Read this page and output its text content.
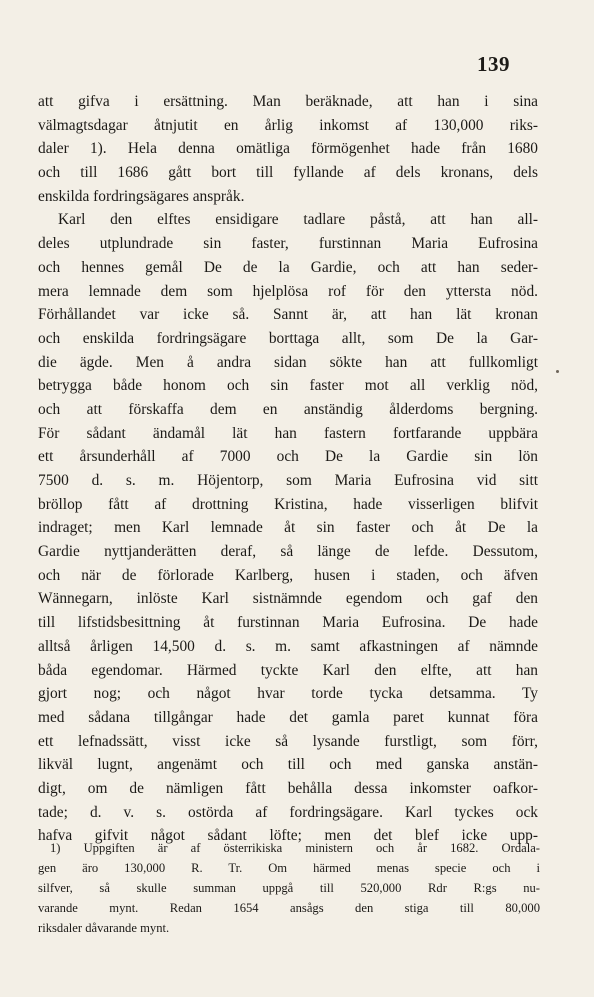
139
att gifva i ersättning. Man beräknade, att han i sina
välmagtsdagar åtnjutit en årlig inkomst af 130,000 riks-
daler 1). Hela denna omätliga förmögenhet hade från 1680
och till 1686 gått bort till fyllande af dels kronans, dels
enskilda fordringsägares anspråk.
Karl den elftes ensidigare tadlare påstå, att han all-
deles utplundrade sin faster, furstinnan Maria Eufrosina
och hennes gemål De de la Gardie, och att han seder-
mera lemnade dem som hjelplösa rof för den yttersta nöd.
Förhållandet var icke så. Sannt är, att han lät kronan
och enskilda fordringsägare borttaga allt, som De la Gar-
die ägde. Men å andra sidan sökte han att fullkomligt
betrygga både honom och sin faster mot all verklig nöd,
och att förskaffa dem en anständig ålderdoms bergning.
För sådant ändamål lät han fastern fortfarande uppbära
ett årsunderhåll af 7000 och De la Gardie sin lön
7500 d. s. m. Höjentorp, som Maria Eufrosina vid sitt
bröllop fått af drottning Kristina, hade visserligen blifvit
indraget; men Karl lemnade åt sin faster och åt De la
Gardie nyttjanderätten deraf, så länge de lefde. Dessutom,
och när de förlorade Karlberg, husen i staden, och äfven
Wännegarn, inlöste Karl sistnämnde egendom och gaf den
till lifstidsbesittning åt furstinnan Maria Eufrosina. De hade
alltså årligen 14,500 d. s. m. samt afkastningen af nämnde
båda egendomar. Härmed tyckte Karl den elfte, att han
gjort nog; och något hvar torde tycka detsamma. Ty
med sådana tillgångar hade det gamla paret kunnat föra
ett lefnadssätt, visst icke så lysande furstligt, som förr,
likväl lugnt, angenämt och till och med ganska anstän-
digt, om de nämligen fått behålla dessa inkomster oafkor-
tade; d. v. s. ostörda af fordringsägare. Karl tyckes ock
hafva gifvit något sådant löfte; men det blef icke upp-
1) Uppgiften är af österrikiska ministern och år 1682. Ordala-
gen äro 130,000 R. Tr. Om härmed menas specie och i
silfver, så skulle summan uppgå till 520,000 Rdr R:gs nu-
varande mynt. Redan 1654 ansågs den stiga till 80,000
riksdaler dåvarande mynt.
